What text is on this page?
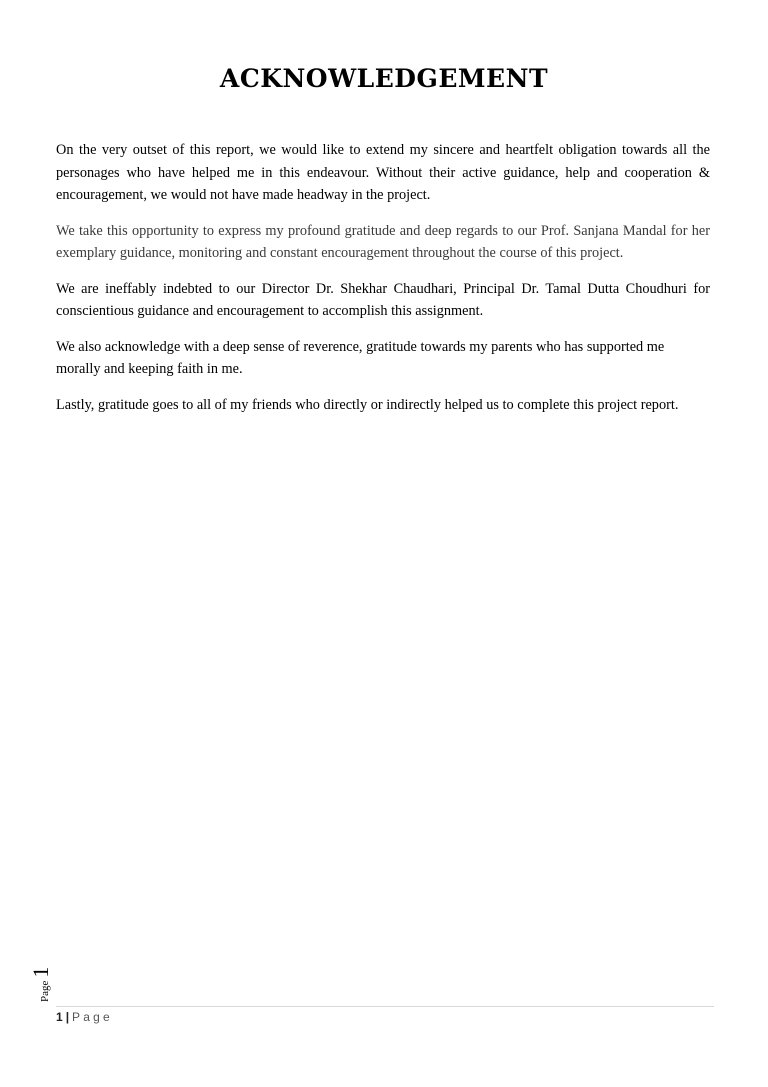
ACKNOWLEDGEMENT

On the very outset of this report, we would like to extend my sincere and heartfelt obligation towards all the personages who have helped me in this endeavour. Without their active guidance, help and cooperation & encouragement, we would not have made headway in the project.

We take this opportunity to express my profound gratitude and deep regards to our Prof. Sanjana Mandal for her exemplary guidance, monitoring and constant encouragement throughout the course of this project.

We are ineffably indebted to our Director Dr. Shekhar Chaudhari, Principal Dr. Tamal Dutta Choudhuri for conscientious guidance and encouragement to accomplish this assignment.

We also acknowledge with a deep sense of reverence, gratitude towards my parents who has supported me morally and keeping faith in me.

Lastly, gratitude goes to all of my friends who directly or indirectly helped us to complete this project report.

Page1
1 | Page
